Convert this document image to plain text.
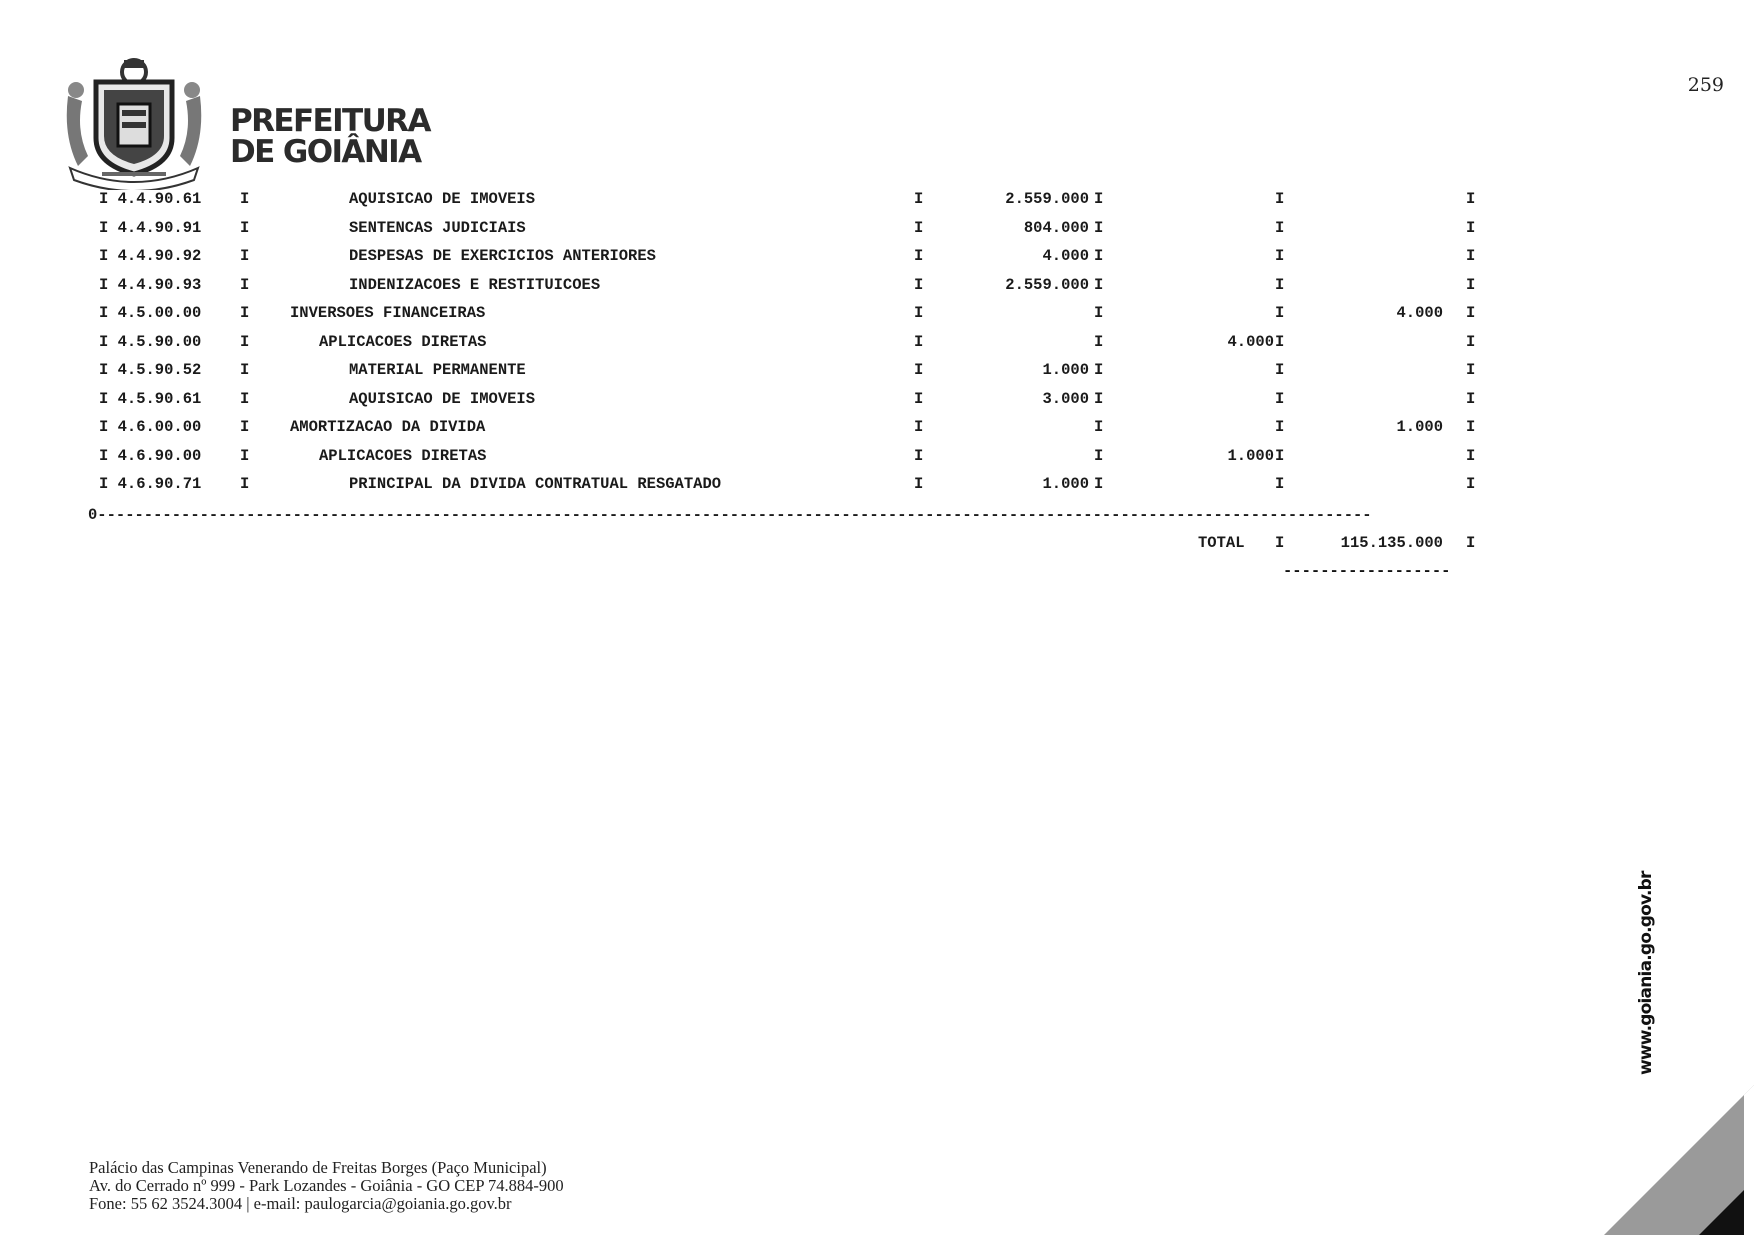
259
PREFEITURA
DE GOIÂNIA
I 4.4.90.61 I	AQUISICAO DE IMOVEIS	I	2.559.000 I	I	I
I 4.4.90.91 I	SENTENCAS JUDICIAIS	I	804.000 I	I	I
I 4.4.90.92 I	DESPESAS DE EXERCICIOS ANTERIORES	I	4.000 I	I	I
I 4.4.90.93 I	INDENIZACOES E RESTITUICOES	I	2.559.000 I	I	I
I 4.5.00.00 I	INVERSOES FINANCEIRAS	I	I	I	4.000 I
I 4.5.90.00 I	APLICACOES DIRETAS	I	I	4.000 I	I
I 4.5.90.52 I	MATERIAL PERMANENTE	I	1.000 I	I	I
I 4.5.90.61 I	AQUISICAO DE IMOVEIS	I	3.000 I	I	I
I 4.6.00.00 I	AMORTIZACAO DA DIVIDA	I	I	I	1.000 I
I 4.6.90.00 I	APLICACOES DIRETAS	I	I	1.000 I	I
I 4.6.90.71 I	PRINCIPAL DA DIVIDA CONTRATUAL RESGATADO	I	1.000 I	I	I
0-----------------------------------------------------------------------------------------------------------------------------------------
TOTAL I	115.135.000 I
------------------
www.goiania.go.gov.br
Palácio das Campinas Venerando de Freitas Borges (Paço Municipal)
Av. do Cerrado nº 999 - Park Lozandes - Goiânia - GO CEP 74.884-900
Fone: 55 62 3524.3004 | e-mail: paulogarcia@goiania.go.gov.br
